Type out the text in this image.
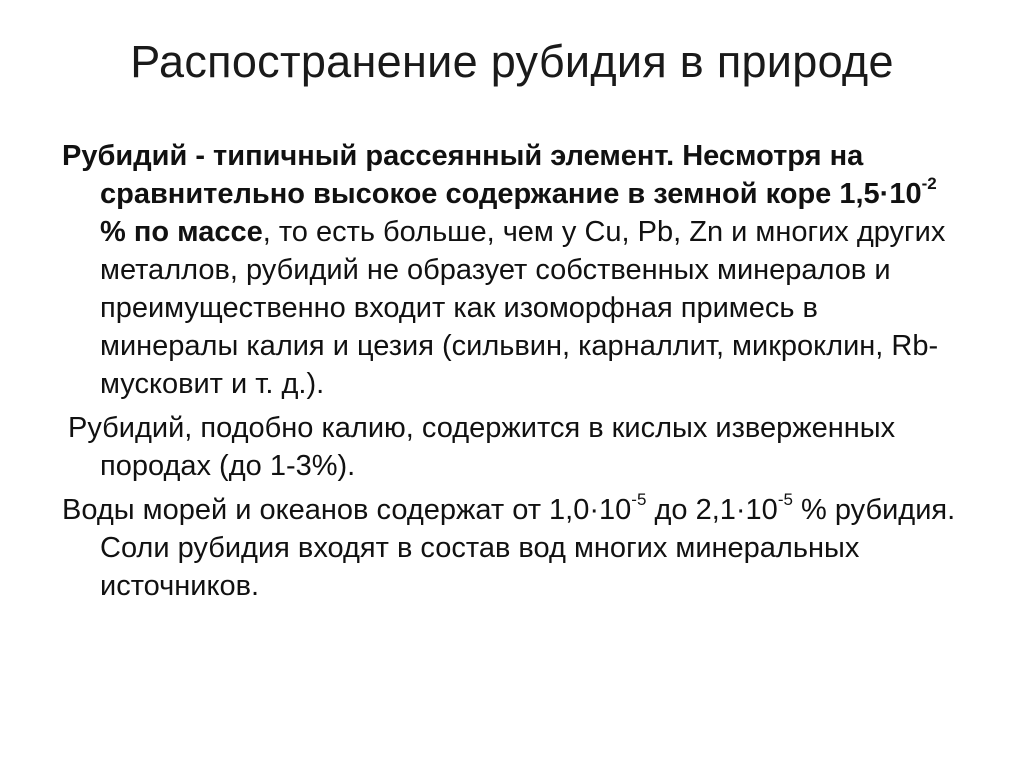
Распостранение рубидия в природе

Рубидий - типичный рассеянный элемент. Несмотря на сравнительно высокое содержание в земной коре $1,5\cdot 10^{-2}$ % по массе, то есть больше, чем у Cu, Pb, Zn и многих других металлов, рубидий не образует собственных минералов и преимущественно входит как изоморфная примесь в минералы калия и цезия (сильвин, карналлит, микроклин, Rb-мусковит и т. д.).

Рубидий, подобно калию, содержится в кислых изверженных породах (до 1-3%).

Воды морей и океанов содержат от $1,0\cdot 10^{-5}$ до $2,1\cdot 10^{-5}$ % рубидия. Соли рубидия входят в состав вод многих минеральных источников.
